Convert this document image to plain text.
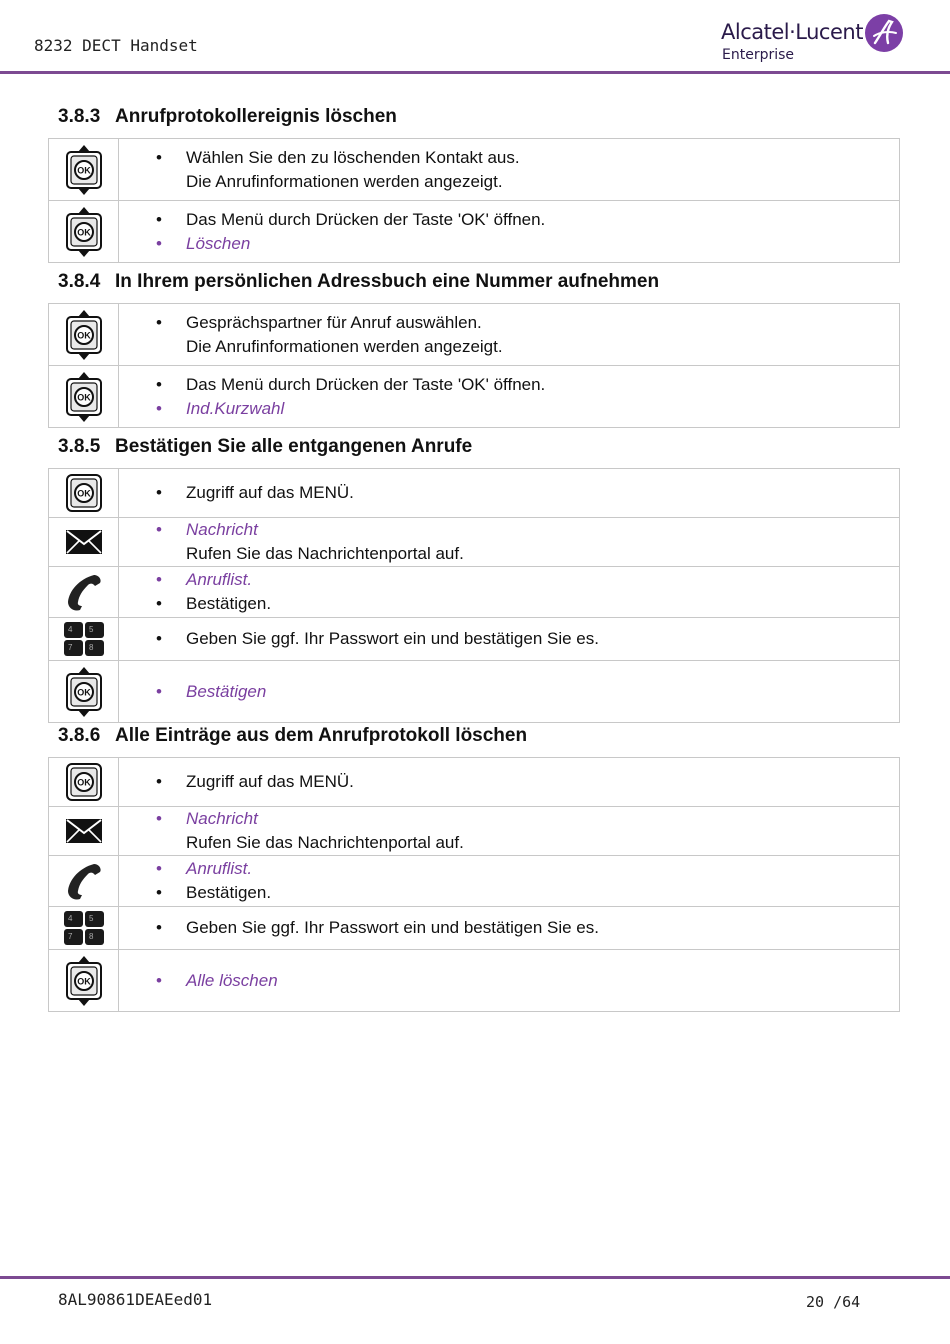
8232 DECT Handset
Alcatel·Lucent
Enterprise
3.8.3 Anrufprotokollereignis löschen
OK	• Wählen Sie den zu löschenden Kontakt aus.
Die Anrufinformationen werden angezeigt.

OK	• Das Menü durch Drücken der Taste 'OK' öffnen.
• Löschen
3.8.4 In Ihrem persönlichen Adressbuch eine Nummer aufnehmen
OK	• Gesprächspartner für Anruf auswählen.
Die Anrufinformationen werden angezeigt.

OK	• Das Menü durch Drücken der Taste 'OK' öffnen.
• Ind.Kurzwahl
3.8.5 Bestätigen Sie alle entgangenen Anrufe
OK	• Zugriff auf das MENÜ.

• Nachricht
Rufen Sie das Nachrichtenportal auf.

• Anruflist.
• Bestätigen.

4 5
7 8	• Geben Sie ggf. Ihr Passwort ein und bestätigen Sie es.

OK	• Bestätigen
3.8.6 Alle Einträge aus dem Anrufprotokoll löschen
OK	• Zugriff auf das MENÜ.

• Nachricht
Rufen Sie das Nachrichtenportal auf.

• Anruflist.
• Bestätigen.

4 5
7 8	• Geben Sie ggf. Ihr Passwort ein und bestätigen Sie es.

OK	• Alle löschen
8AL90861DEAEed01	20 /64
